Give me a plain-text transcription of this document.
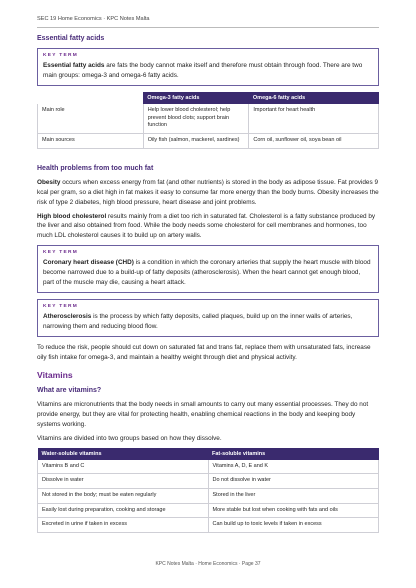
SEC 19 Home Economics · KPC Notes Malta
Essential fatty acids
KEY TERM

Essential fatty acids are fats the body cannot make itself and therefore must obtain through food. There are two main groups: omega-3 and omega-6 fatty acids.

	Omega-3 fatty acids	Omega-6 fatty acids
Main role	Help lower blood cholesterol; help prevent blood clots; support brain function	Important for heart health
Main sources	Oily fish (salmon, mackerel, sardines)	Corn oil, sunflower oil, soya bean oil
Health problems from too much fat

Obesity occurs when excess energy from fat (and other nutrients) is stored in the body as adipose tissue. Fat provides 9 kcal per gram, so a diet high in fat makes it easy to consume far more energy than the body burns. Obesity increases the risk of type 2 diabetes, high blood pressure, heart disease and joint problems.

High blood cholesterol results mainly from a diet too rich in saturated fat. Cholesterol is a fatty substance produced by the liver and also obtained from food. While the body needs some cholesterol for cell membranes and hormones, too much LDL cholesterol causes it to build up on artery walls.

KEY TERM

Coronary heart disease (CHD) is a condition in which the coronary arteries that supply the heart muscle with blood become narrowed due to a build-up of fatty deposits (atherosclerosis). When the heart cannot get enough blood, part of the muscle may die, causing a heart attack.

KEY TERM

Atherosclerosis is the process by which fatty deposits, called plaques, build up on the inner walls of arteries, narrowing them and reducing blood flow.

To reduce the risk, people should cut down on saturated fat and trans fat, replace them with unsaturated fats, increase oily fish intake for omega-3, and maintain a healthy weight through diet and physical activity.

Vitamins
What are vitamins?

Vitamins are micronutrients that the body needs in small amounts to carry out many essential processes. They do not provide energy, but they are vital for protecting health, enabling chemical reactions in the body and keeping body systems working.

Vitamins are divided into two groups based on how they dissolve.

Water-soluble vitamins	Fat-soluble vitamins
Vitamins B and C	Vitamins A, D, E and K
Dissolve in water	Do not dissolve in water
Not stored in the body; must be eaten regularly	Stored in the liver
Easily lost during preparation, cooking and storage	More stable but lost when cooking with fats and oils
Excreted in urine if taken in excess	Can build up to toxic levels if taken in excess
KPC Notes Malta · Home Economics · Page 37
